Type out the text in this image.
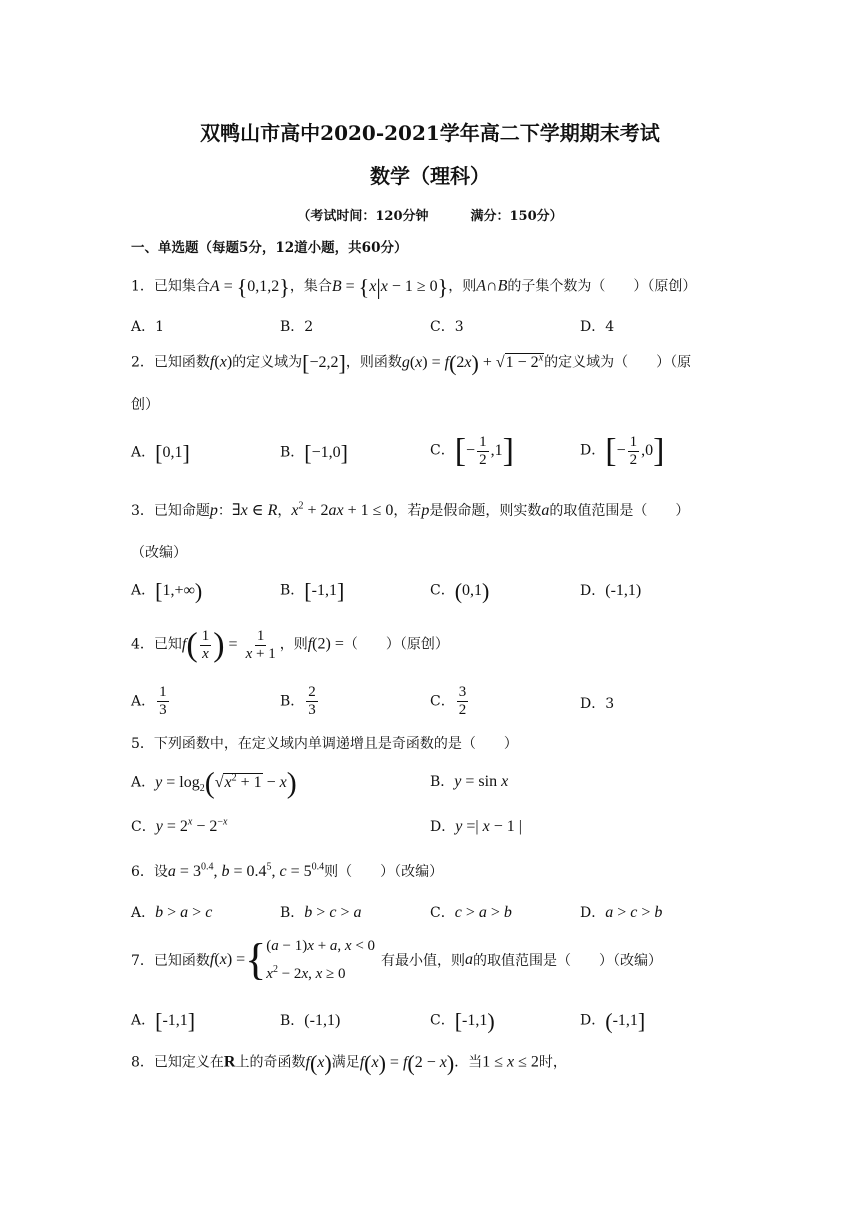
双鸭山市高中2020-2021学年高二下学期期末考试
数学（理科）
（考试时间：120分钟	满分：150分）
一、单选题（每题5分，12道小题，共60分）
1．已知集合A = {0,1,2}，集合B = {x|x − 1 ≥ 0}，则A∩B的子集个数为（　　）（原创）
A．1	B．2	C．3	D．4
2．已知函数f(x)的定义域为[−2,2]，则函数$g(x) = f(2x) + √1 - 2^x$的定义域为（　　）（原
创）
A．[0,1]	B．[−1,0]	C．[− $\frac{1}{2} ,1$]	D．[− $\frac{1}{2} ,0$]
3．已知命题p：∃x ∈ R，$x^2 + 2ax + 1 \le 0$，若p是假命题，则实数a的取值范围是（　　）
（改编）
A．[1,+∞)	B．[-1,1]	C．(0,1)	D．(-1,1)
4．已知$f( \frac{1}{x}$ ) = $\frac{1}{x + 1}$ ，则f(2) =（　　）（原创）
A． $\frac{1}{3}$	B． $\frac{2}{3}$	C． $\frac{3}{2}$	D．3
5．下列函数中，在定义域内单调递增且是奇函数的是（　　）
A．$y = \log_2(√x^2 + 1 - x)$	B．y = sin x
C．$y = 2^x - 2^{-x}$	D．y =| x − 1 |
6．设$a = 3^{0.4}$, $b = 0.4^5$, $c = 5^{0.4}$则（　　）（改编）
A．b > a > c	B．b > c > a	C．c > a > b	D．a > c > b
7．已知函数 f(x) = { (a − 1)x + a, x < 0
$x^2 - 2x$, x ≥ 0
有最小值，则 a 的取值范围是（　　）（改编）
A．[-1,1]	B．(-1,1)	C．[-1,1)	D．(-1,1]
8．已知定义在R上的奇函数f(x)满足f(x) = f(2 − x)．当1 ≤ x ≤ 2时，
